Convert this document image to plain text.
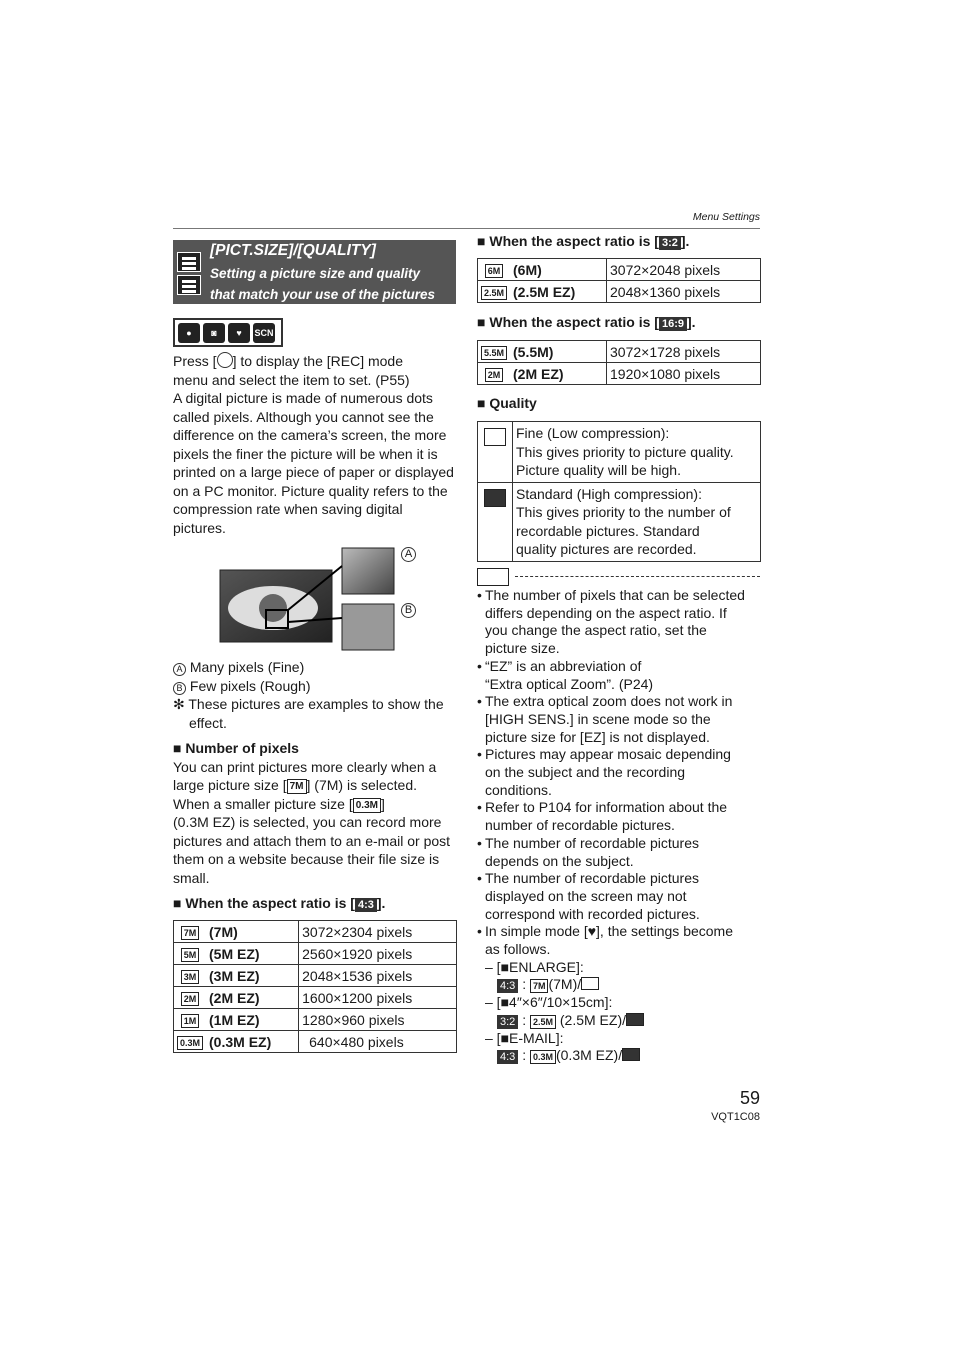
Menu Settings
[PICT.SIZE]/[QUALITY]
Setting a picture size and quality
that match your use of the pictures
●	◙	♥	SCN
Press [ ] to display the [REC] mode
menu and select the item to set. (P55)
A digital picture is made of numerous dots called pixels. Although you cannot see the difference on the camera’s screen, the more pixels the finer the picture will be when it is printed on a large piece of paper or displayed on a PC monitor. Picture quality refers to the compression rate when saving digital pictures.
A
B
A Many pixels (Fine)
B Few pixels (Rough)
✻ These pictures are examples to show the
effect.
■ Number of pixels
You can print pictures more clearly when a
large picture size [ 7M ] (7M) is selected.
When a smaller picture size [ 0.3M ]
(0.3M EZ) is selected, you can record more pictures and attach them to an e-mail or post them on a website because their file size is small.
■ When the aspect ratio is [ 4:3 ].
7M	(7M)	3072×2304 pixels
5M	(5M EZ)	2560×1920 pixels
3M	(3M EZ)	2048×1536 pixels
2M	(2M EZ)	1600×1200 pixels
1M	(1M EZ)	1280×960 pixels
0.3M	(0.3M EZ)	640×480 pixels
■ When the aspect ratio is [ 3:2 ].
6M	(6M)	3072×2048 pixels
2.5M	(2.5M EZ)	2048×1360 pixels
■ When the aspect ratio is [ 16:9 ].
5.5M	(5.5M)	3072×1728 pixels
2M	(2M EZ)	1920×1080 pixels
■ Quality

	Fine (Low compression):
This gives priority to picture quality.
Picture quality will be high.

	Standard (High compression):
This gives priority to the number of
recordable pictures. Standard
quality pictures are recorded.
• The number of pixels that can be selected
differs depending on the aspect ratio. If
you change the aspect ratio, set the
picture size.
• “EZ” is an abbreviation of
“Extra optical Zoom”. (P24)
• The extra optical zoom does not work in
[HIGH SENS.] in scene mode so the
picture size for [EZ] is not displayed.
• Pictures may appear mosaic depending
on the subject and the recording
conditions.
• Refer to P104 for information about the
number of recordable pictures.
• The number of recordable pictures
depends on the subject.
• The number of recordable pictures
displayed on the screen may not
correspond with recorded pictures.
• In simple mode [♥], the settings become
as follows.
– [■ENLARGE]:
4:3 : 7M (7M)/
– [■4″×6″/10×15cm]:
3:2 : 2.5M (2.5M EZ)/
– [■E-MAIL]:
4:3 : 0.3M (0.3M EZ)/
59
VQT1C08
